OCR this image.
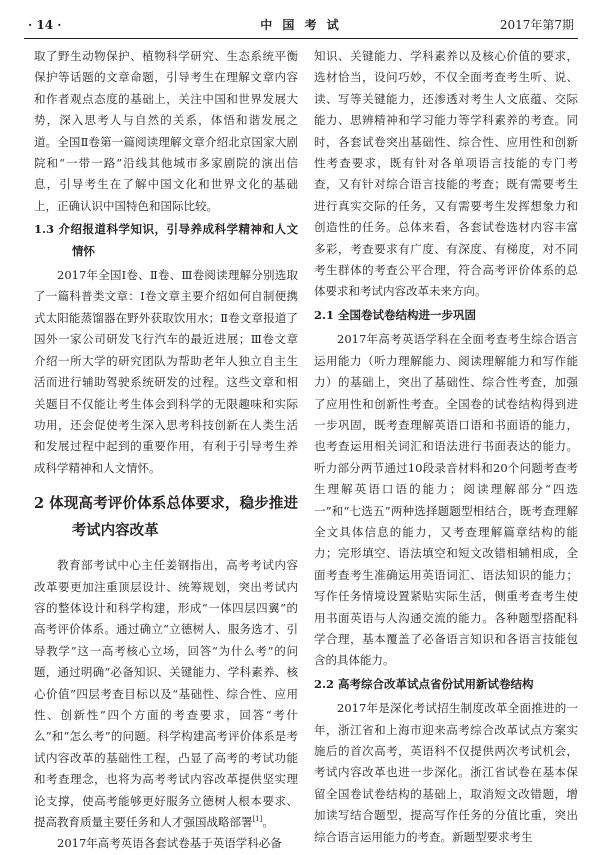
· 14 ·	中 国 考 试	2017年第7期

取了野生动物保护、植物科学研究、生态系统平衡保护等话题的文章命题，引导考生在理解文章内容和作者观点态度的基础上，关注中国和世界发展大势，深入思考人与自然的关系，体悟和谐发展之道。全国Ⅱ卷第一篇阅读理解文章介绍北京国家大剧院和“一带一路”沿线其他城市多家剧院的演出信息，引导考生在了解中国文化和世界文化的基础上，正确认识中国特色和国际比较。

1.3 介绍报道科学知识，引导养成科学精神和人文情怀

2017年全国Ⅰ卷、Ⅱ卷、Ⅲ卷阅读理解分别选取了一篇科普类文章：Ⅰ卷文章主要介绍如何自制便携式太阳能蒸馏器在野外获取饮用水；Ⅱ卷文章报道了国外一家公司研发飞行汽车的最近进展；Ⅲ卷文章介绍一所大学的研究团队为帮助老年人独立自主生活而进行辅助驾驶系统研发的过程。这些文章和相关题目不仅能让考生体会到科学的无限趣味和实际功用，还会促使考生深入思考科技创新在人类生活和发展过程中起到的重要作用，有利于引导考生养成科学精神和人文情怀。

2 体现高考评价体系总体要求，稳步推进考试内容改革

教育部考试中心主任姜钢指出，高考考试内容改革要更加注重顶层设计、统筹规划，突出考试内容的整体设计和科学构建，形成“一体四层四翼”的高考评价体系。通过确立“立德树人、服务选才、引导教学”这一高考核心立场，回答“为什么考”的问题，通过明确“必备知识、关键能力、学科素养、核心价值”四层考查目标以及“基础性、综合性、应用性、创新性”四个方面的考查要求，回答“考什么”和“怎么考”的问题。科学构建高考评价体系是考试内容改革的基础性工程，凸显了高考的考试功能和考查理念，也将为高考考试内容改革提供坚实理论支撑，使高考能够更好服务立德树人根本要求、提高教育质量主要任务和人才强国战略部署[1]。

2017年高考英语各套试卷基于英语学科必备

知识、关键能力、学科素养以及核心价值的要求，选材恰当，设问巧妙，不仅全面考查考生听、说、读、写等关键能力，还渗透对考生人文底蕴、交际能力、思辨精神和学习能力等学科素养的考查。同时，各套试卷突出基础性、综合性、应用性和创新性考查要求，既有针对各单项语言技能的专门考查，又有针对综合语言技能的考查；既有需要考生进行真实交际的任务，又有需要考生发挥想象力和创造性的任务。总体来看，各套试卷选材内容丰富多彩，考查要求有广度、有深度、有梯度，对不同考生群体的考查公平合理，符合高考评价体系的总体要求和考试内容改革未来方向。

2.1 全国卷试卷结构进一步巩固

2017年高考英语学科在全面考查考生综合语言运用能力（听力理解能力、阅读理解能力和写作能力）的基础上，突出了基础性、综合性考查，加强了应用性和创新性考查。全国卷的试卷结构得到进一步巩固，既考查理解英语口语和书面语的能力，也考查运用相关词汇和语法进行书面表达的能力。听力部分两节通过10段录音材料和20个问题考查考生理解英语口语的能力；阅读理解部分“四选一”和“七选五”两种选择题题型相结合，既考查理解全文具体信息的能力，又考查理解篇章结构的能力；完形填空、语法填空和短文改错相辅相成，全面考查考生准确运用英语词汇、语法知识的能力；写作任务情境设置紧贴实际生活，侧重考查考生使用书面英语与人沟通交流的能力。各种题型搭配科学合理，基本覆盖了必备语言知识和各语言技能包含的具体能力。

2.2 高考综合改革试点省份试用新试卷结构

2017年是深化考试招生制度改革全面推进的一年，浙江省和上海市迎来高考综合改革试点方案实施后的首次高考，英语科不仅提供两次考试机会，考试内容改革也进一步深化。浙江省试卷在基本保留全国卷试卷结构的基础上，取消短文改错题，增加读写结合题型，提高写作任务的分值比重，突出综合语言运用能力的考查。新题型要求考生
